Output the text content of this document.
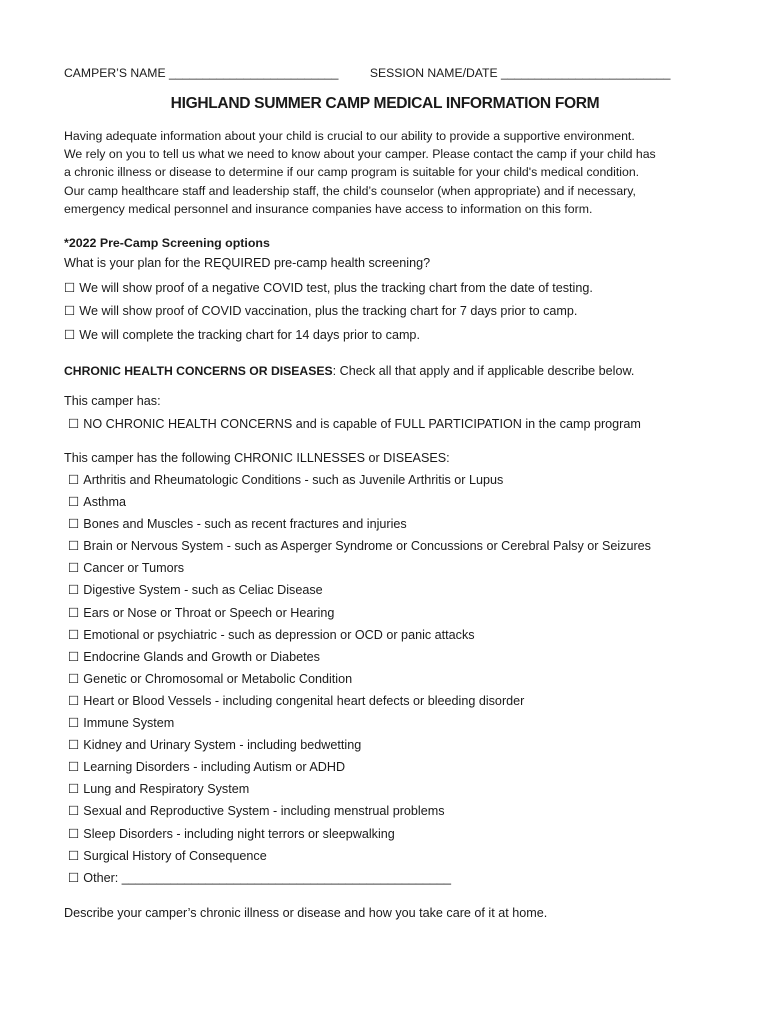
CAMPER’S NAME _________________________	SESSION NAME/DATE _________________________
HIGHLAND SUMMER CAMP MEDICAL INFORMATION FORM
Having adequate information about your child is crucial to our ability to provide a supportive environment.
We rely on you to tell us what we need to know about your camper. Please contact the camp if your child has
a chronic illness or disease to determine if our camp program is suitable for your child's medical condition.
Our camp healthcare staff and leadership staff, the child’s counselor (when appropriate) and if necessary,
emergency medical personnel and insurance companies have access to information on this form.
*2022 Pre-Camp Screening options
What is your plan for the REQUIRED pre-camp health screening?
☐ We will show proof of a negative COVID test, plus the tracking chart from the date of testing.
☐ We will show proof of COVID vaccination, plus the tracking chart for 7 days prior to camp.
☐ We will complete the tracking chart for 14 days prior to camp.
CHRONIC HEALTH CONCERNS OR DISEASES: Check all that apply and if applicable describe below.
This camper has:
☐ NO CHRONIC HEALTH CONCERNS and is capable of FULL PARTICIPATION in the camp program
This camper has the following CHRONIC ILLNESSES or DISEASES:
☐ Arthritis and Rheumatologic Conditions - such as Juvenile Arthritis or Lupus
☐ Asthma
☐ Bones and Muscles - such as recent fractures and injuries
☐ Brain or Nervous System - such as Asperger Syndrome or Concussions or Cerebral Palsy or Seizures
☐ Cancer or Tumors
☐ Digestive System - such as Celiac Disease
☐ Ears or Nose or Throat or Speech or Hearing
☐ Emotional or psychiatric - such as depression or OCD or panic attacks
☐ Endocrine Glands and Growth or Diabetes
☐ Genetic or Chromosomal or Metabolic Condition
☐ Heart or Blood Vessels - including congenital heart defects or bleeding disorder
☐ Immune System
☐ Kidney and Urinary System - including bedwetting
☐ Learning Disorders - including Autism or ADHD
☐ Lung and Respiratory System
☐ Sexual and Reproductive System - including menstrual problems
☐ Sleep Disorders - including night terrors or sleepwalking
☐ Surgical History of Consequence
☐ Other: _______________________________________________
Describe your camper’s chronic illness or disease and how you take care of it at home.
